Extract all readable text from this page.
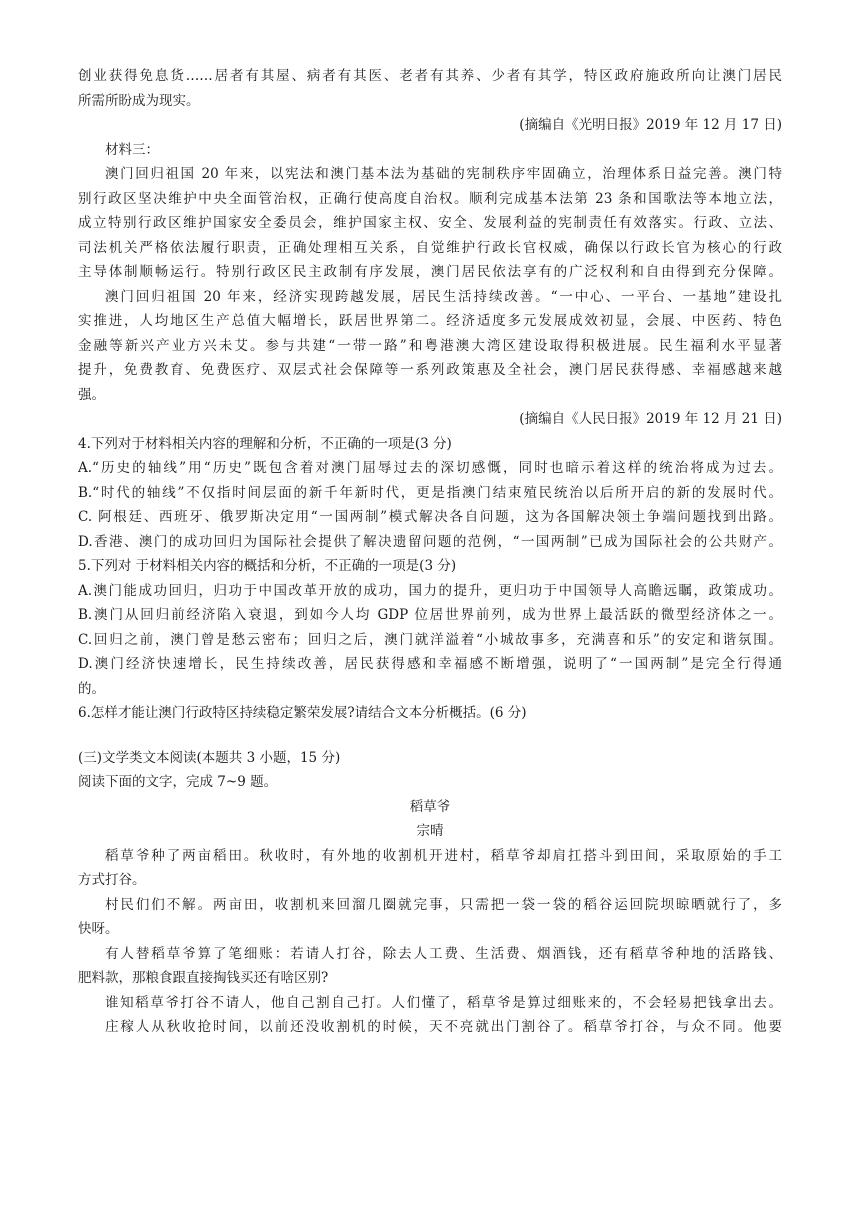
创业获得免息货……居者有其屋、病者有其医、老者有其养、少者有其学，特区政府施政所向让澳门居民
所需所盼成为现实。
(摘编自《光明日报》2019 年 12 月 17 日)
材料三：
澳门回归祖国 20 年来，以宪法和澳门基本法为基础的宪制秩序牢固确立，治理体系日益完善。澳门特
别行政区坚决维护中央全面管治权，正确行使高度自治权。顺利完成基本法第 23 条和国歌法等本地立法，
成立特别行政区维护国家安全委员会，维护国家主权、安全、发展利益的宪制责任有效落实。行政、立法、
司法机关严格依法履行职责，正确处理相互关系，自觉维护行政长官权威，确保以行政长官为核心的行政
主导体制顺畅运行。特别行政区民主政制有序发展，澳门居民依法享有的广泛权利和自由得到充分保障。
澳门回归祖国 20 年来，经济实现跨越发展，居民生活持续改善。“一中心、一平台、一基地”建设扎
实推进，人均地区生产总值大幅增长，跃居世界第二。经济适度多元发展成效初显，会展、中医药、特色
金融等新兴产业方兴未艾。参与共建“一带一路”和粤港澳大湾区建设取得积极进展。民生福利水平显著
提升，免费教育、免费医疗、双层式社会保障等一系列政策惠及全社会，澳门居民获得感、幸福感越来越
强。
(摘编自《人民日报》2019 年 12 月 21 日)
4.下列对于材料相关内容的理解和分析，不正确的一项是(3 分)
A.“历史的轴线”用“历史”既包含着对澳门屈辱过去的深切感慨，同时也暗示着这样的统治将成为过去。
B.“时代的轴线”不仅指时间层面的新千年新时代，更是指澳门结束殖民统治以后所开启的新的发展时代。
C. 阿根廷、西班牙、俄罗斯决定用“一国两制”模式解决各自问题，这为各国解决领土争端问题找到出路。
D.香港、澳门的成功回归为国际社会提供了解决遗留问题的范例，“一国两制”已成为国际社会的公共财产。
5.下列对 于材料相关内容的概括和分析，不正确的一项是(3 分)
A.澳门能成功回归，归功于中国改革开放的成功，国力的提升，更归功于中国领导人高瞻远瞩，政策成功。
B.澳门从回归前经济陷入衰退，到如今人均 GDP 位居世界前列，成为世界上最活跃的微型经济体之一。
C.回归之前，澳门曾是愁云密布；回归之后，澳门就洋溢着“小城故事多，充满喜和乐”的安定和谐氛围。
D.澳门经济快速增长，民生持续改善，居民获得感和幸福感不断增强，说明了“一国两制”是完全行得通
的。
6.怎样才能让澳门行政特区持续稳定繁荣发展?请结合文本分析概括。(6 分)
(三)文学类文本阅读(本题共 3 小题，15 分)
阅读下面的文字，完成 7~9 题。
稻草爷
宗晴
稻草爷种了两亩稻田。秋收时，有外地的收割机开进村，稻草爷却肩扛搭斗到田间，采取原始的手工
方式打谷。
村民们们不解。两亩田，收割机来回溜几圈就完事，只需把一袋一袋的稻谷运回院坝晾晒就行了，多
快呀。
有人替稻草爷算了笔细账：若请人打谷，除去人工费、生活费、烟酒钱，还有稻草爷种地的活路钱、
肥料款，那粮食跟直接掏钱买还有啥区别?
谁知稻草爷打谷不请人，他自己割自己打。人们懂了，稻草爷是算过细账来的，不会轻易把钱拿出去。
庄稼人从秋收抢时间，以前还没收割机的时候，天不亮就出门割谷了。稻草爷打谷，与众不同。他要
